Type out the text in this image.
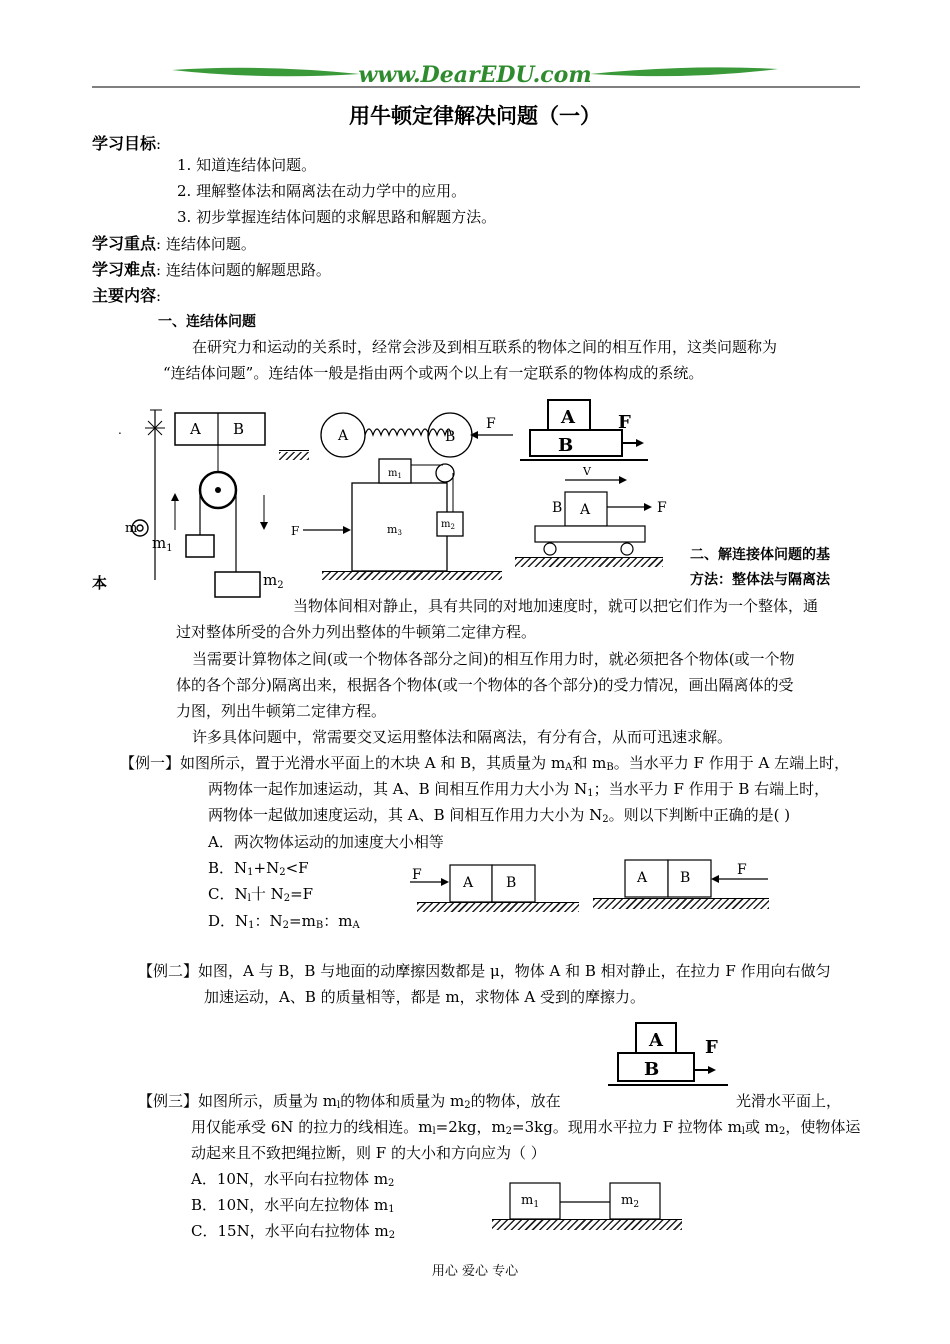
www.DearEDU.com
用牛顿定律解决问题（一）
学习目标:
1. 知道连结体问题。
2. 理解整体法和隔离法在动力学中的应用。
3. 初步掌握连结体问题的求解思路和解题方法。
学习重点: 连结体问题。
学习难点: 连结体问题的解题思路。
主要内容:
一、连结体问题
在研究力和运动的关系时，经常会涉及到相互联系的物体之间的相互作用，这类问题称为
“连结体问题”。连结体一般是指由两个或两个以上有一定联系的物体构成的系统。
.	A B
m
$m_1$
$m_2$
A	B
F	A
B
F
$m_1$
$m_2$
m3
F
V
A
B	F
本
二、解连接体问题的基
方法：整体法与隔离法
当物体间相对静止，具有共同的对地加速度时，就可以把它们作为一个整体，通
过对整体所受的合外力列出整体的牛顿第二定律方程。
当需要计算物体之间(或一个物体各部分之间)的相互作用力时，就必须把各个物体(或一个物
体的各个部分)隔离出来，根据各个物体(或一个物体的各个部分)的受力情况，画出隔离体的受
力图，列出牛顿第二定律方程。
许多具体问题中，常需要交叉运用整体法和隔离法，有分有合，从而可迅速求解。
【例一】如图所示，置于光滑水平面上的木块 A 和 B，其质量为 $m_A$和 $m_B$。当水平力 F 作用于 A 左端上时，
两物体一起作加速运动，其 A、B 间相互作用力大小为 $N_1$；当水平力 F 作用于 B 右端上时，
两物体一起做加速度运动，其 A、B 间相互作用力大小为 $N_2$。则以下判断中正确的是( )
A．两次物体运动的加速度大小相等
B．$N_1+N_2<F$
C．$N_l$十 $N_2=F$
D．$N_1$：$N_2=m_B$：$m_A$
F	A B	A B	F
【例二】如图，A 与 B，B 与地面的动摩擦因数都是 μ，物体 A 和 B 相对静止，在拉力 F 作用向右做匀
加速运动，A、B 的质量相等，都是 m，求物体 A 受到的摩擦力。
A
B
F
【例三】如图所示，质量为 $m_l$的物体和质量为 $m_2$的物体，放在	光滑水平面上，
用仅能承受 6N 的拉力的线相连。$m_l=2kg$，$m_2=3kg$。现用水平拉力 F 拉物体 $m_l$或 $m_2$，使物体运
动起来且不致把绳拉断，则 F 的大小和方向应为（ ）
A．10N，水平向右拉物体 $m_2$
B．10N，水平向左拉物体 $m_1$
C．15N，水平向右拉物体 $m_2$
$m_1$	$m_2$
用心 爱心 专心
